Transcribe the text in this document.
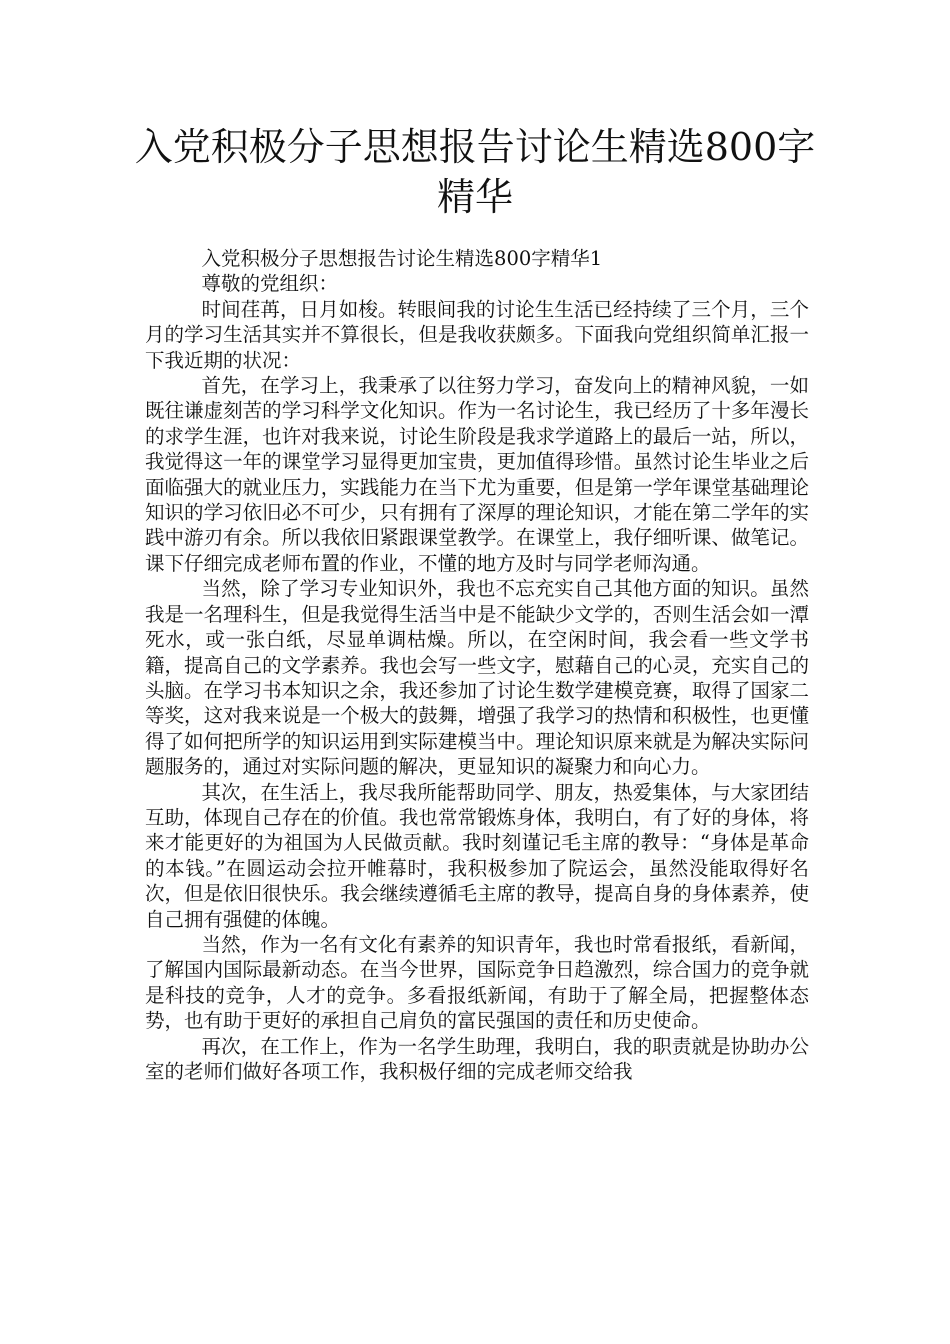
入党积极分子思想报告讨论生精选800字
精华

入党积极分子思想报告讨论生精选800字精华1

尊敬的党组织：

时间荏苒，日月如梭。转眼间我的讨论生生活已经持续了三个月，三个月的学习生活其实并不算很长，但是我收获颇多。下面我向党组织简单汇报一下我近期的状况：

首先，在学习上，我秉承了以往努力学习，奋发向上的精神风貌，一如既往谦虚刻苦的学习科学文化知识。作为一名讨论生，我已经历了十多年漫长的求学生涯，也许对我来说，讨论生阶段是我求学道路上的最后一站，所以，我觉得这一年的课堂学习显得更加宝贵，更加值得珍惜。虽然讨论生毕业之后面临强大的就业压力，实践能力在当下尤为重要，但是第一学年课堂基础理论知识的学习依旧必不可少，只有拥有了深厚的理论知识，才能在第二学年的实践中游刃有余。所以我依旧紧跟课堂教学。在课堂上，我仔细听课、做笔记。课下仔细完成老师布置的作业，不懂的地方及时与同学老师沟通。

当然，除了学习专业知识外，我也不忘充实自己其他方面的知识。虽然我是一名理科生，但是我觉得生活当中是不能缺少文学的，否则生活会如一潭死水，或一张白纸，尽显单调枯燥。所以，在空闲时间，我会看一些文学书籍，提高自己的文学素养。我也会写一些文字，慰藉自己的心灵，充实自己的头脑。在学习书本知识之余，我还参加了讨论生数学建模竞赛，取得了国家二等奖，这对我来说是一个极大的鼓舞，增强了我学习的热情和积极性，也更懂得了如何把所学的知识运用到实际建模当中。理论知识原来就是为解决实际问题服务的，通过对实际问题的解决，更显知识的凝聚力和向心力。

其次，在生活上，我尽我所能帮助同学、朋友，热爱集体，与大家团结互助，体现自己存在的价值。我也常常锻炼身体，我明白，有了好的身体，将来才能更好的为祖国为人民做贡献。我时刻谨记毛主席的教导：“身体是革命的本钱。”在圆运动会拉开帷幕时，我积极参加了院运会，虽然没能取得好名次，但是依旧很快乐。我会继续遵循毛主席的教导，提高自身的身体素养，使自己拥有强健的体魄。

当然，作为一名有文化有素养的知识青年，我也时常看报纸，看新闻，了解国内国际最新动态。在当今世界，国际竞争日趋激烈，综合国力的竞争就是科技的竞争，人才的竞争。多看报纸新闻，有助于了解全局，把握整体态势，也有助于更好的承担自己肩负的富民强国的责任和历史使命。

再次，在工作上，作为一名学生助理，我明白，我的职责就是协助办公室的老师们做好各项工作，我积极仔细的完成老师交给我
